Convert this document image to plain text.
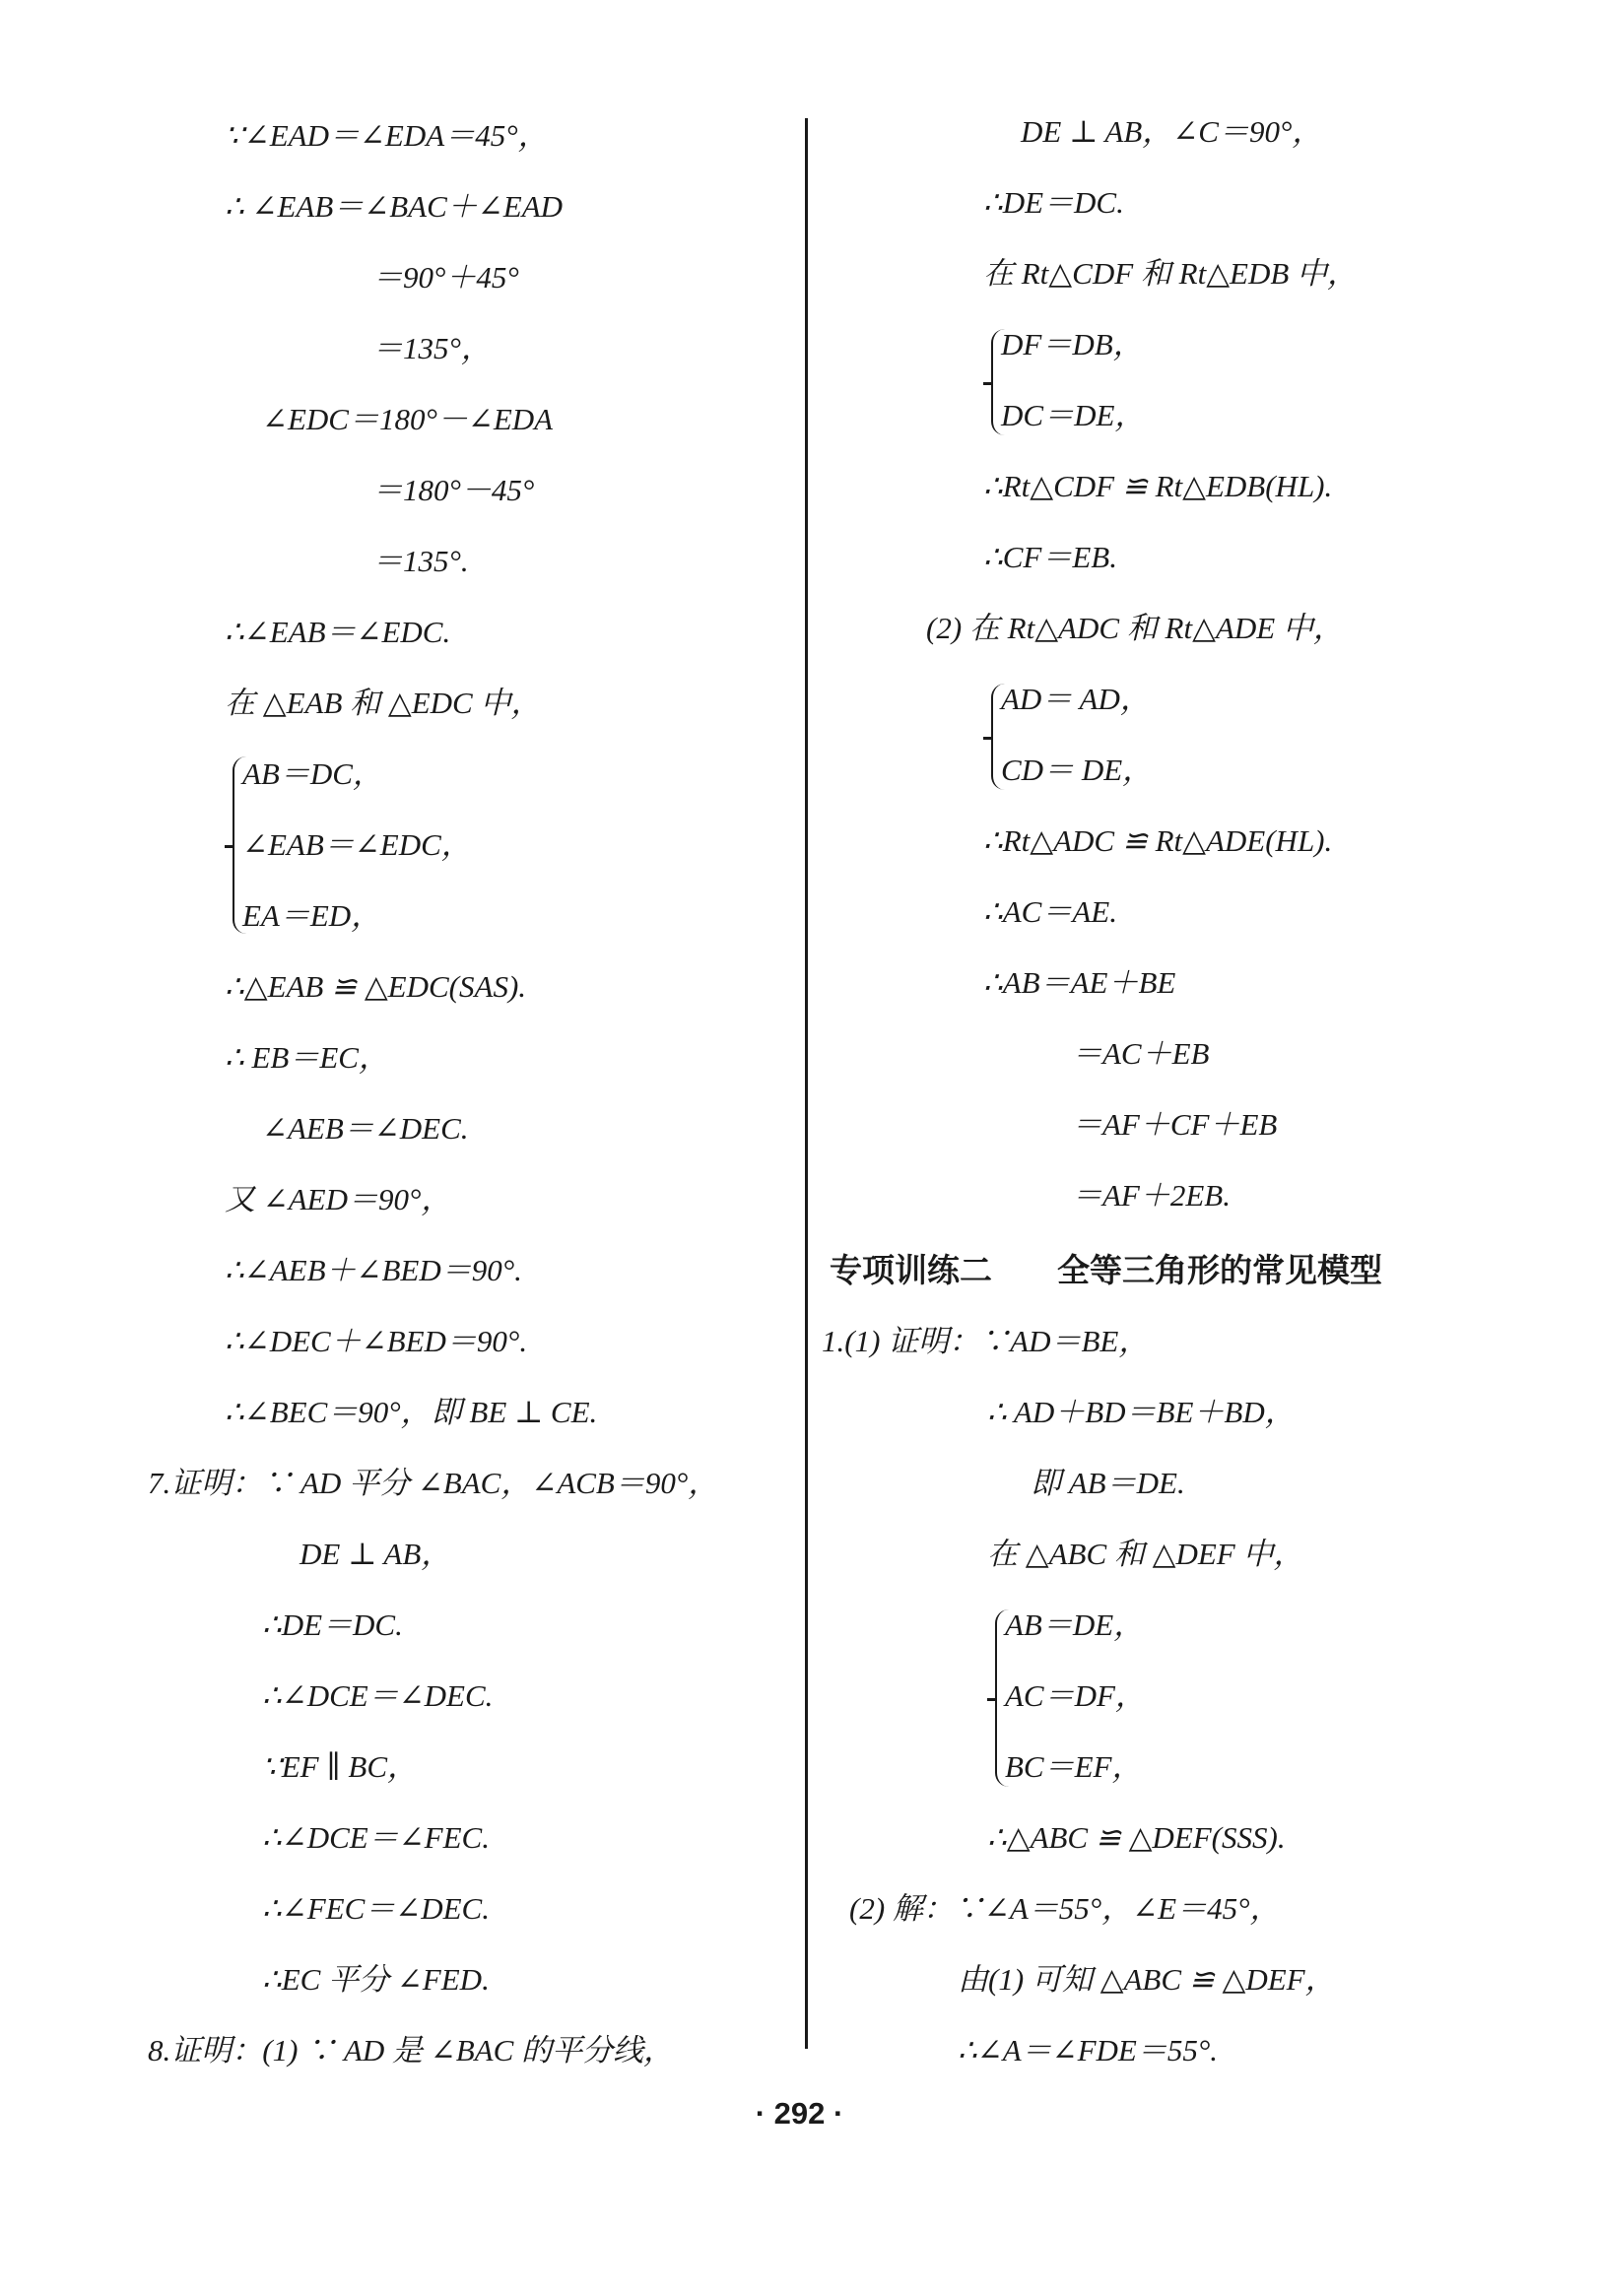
∵∠EAD＝∠EDA＝45°，
∴ ∠EAB＝∠BAC＋∠EAD
＝90°＋45°
＝135°，
∠EDC＝180°－∠EDA
＝180°－45°
＝135°.
∴∠EAB＝∠EDC.
在 △EAB 和 △EDC 中，
AB＝DC，
∠EAB＝∠EDC，
EA＝ED，
∴△EAB ≌ △EDC(SAS).
∴ EB＝EC，
∠AEB＝∠DEC.
又 ∠AED＝90°，
∴∠AEB＋∠BED＝90°.
∴∠DEC＋∠BED＝90°.
∴∠BEC＝90°，即 BE ⊥ CE.
7.证明：∵ AD 平分 ∠BAC，∠ACB＝90°，
DE ⊥ AB，
∴DE＝DC.
∴∠DCE＝∠DEC.
∵EF ∥ BC，
∴∠DCE＝∠FEC.
∴∠FEC＝∠DEC.
∴EC 平分 ∠FED.
8.证明：(1) ∵ AD 是 ∠BAC 的平分线，
DE ⊥ AB，∠C＝90°，
∴DE＝DC.
在 Rt△CDF 和 Rt△EDB 中，
DF＝DB，
DC＝DE，
∴Rt△CDF ≌ Rt△EDB(HL).
∴CF＝EB.
(2) 在 Rt△ADC 和 Rt△ADE 中，
AD＝ AD，
CD＝ DE，
∴Rt△ADC ≌ Rt△ADE(HL).
∴AC＝AE.
∴AB＝AE＋BE
＝AC＋EB
＝AF＋CF＋EB
＝AF＋2EB.
专项训练二　　全等三角形的常见模型
1.(1) 证明：∵AD＝BE，
∴ AD＋BD＝BE＋BD，
即 AB＝DE.
在 △ABC 和 △DEF 中，
AB＝DE，
AC＝DF，
BC＝EF，
∴△ABC ≌ △DEF(SSS).
(2) 解：∵∠A＝55°，∠E＝45°，
由(1) 可知 △ABC ≌ △DEF，
∴∠A＝∠FDE＝55°.
· 292 ·
